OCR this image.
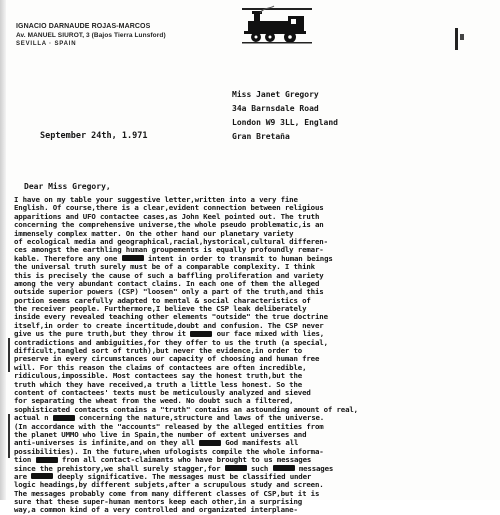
IGNACIO DARNAUDE ROJAS-MARCOS
Av. MANUEL SIUROT, 3 (Bajos Tierra Lunsford)
SEVILLA · SPAIN
September 24th, 1.971
Miss Janet Gregory
34a Barnsdale Road
London W9 3LL, England
Gran Bretaña
Dear Miss Gregory,
I have on my table your suggestive letter,written into a very fine
English. Of course,there is a clear,evident connection between religious
apparitions and UFO contactee cases,as John Keel pointed out. The truth
concerning the comprehensive universe,the whole pseudo problematic,is an
immensely complex matter. On the other hand our planetary variety
of ecological media and geographical,racial,hystorical,cultural differen-
ces amongst the earthling human groupements is equally profoundly remar-
kable. Therefore any one	intent in order to transmit to human beings
the universal truth surely must be of a comparable complexity. I think
this is precisely the cause of such a baffling proliferation and variety
among the very abundant contact claims. In each one of them the alleged
outside superior powers (CSP) "loosen" only a part of the truth,and this
portion seems carefully adapted to mental & social characteristics of
the receiver people. Furthermore,I believe the CSP leak deliberately
inside every revealed teaching other elements "outside" the true doctrine
itself,in order to create incertitude,doubt and confusion. The CSP never
give us the pure truth,but they throw it	our face mixed with lies,
contradictions and ambiguities,for they offer to us the truth (a special,
difficult,tangled sort of truth),but never the evidence,in order to
preserve in every circumstances our capacity of choosing and human free
will. For this reason the claims of contactees are often incredible,
ridiculous,impossible. Most contactees say the honest truth,but the
truth which they have received,a truth a little less honest. So the
content of contactees' texts must be meticulously analyzed and sieved
for separating the wheat from the weed. No doubt such a filtered,
sophisticated contacts contains a "truth" contains an astounding amount of real,
actual n	concerning the nature,structure and laws of the universe.
(In accordance with the "accounts" released by the alleged entities from
the planet UMMO who live in Spain,the number of extent universes and
anti-universes is infinite,and on they all	God manifests all
possibilities). In the future,when ufologists compile the whole informa-
tion	from all contact-claimants who have brought to us messages
since the prehistory,we shall surely stagger,for	such	messages
are	deeply significative. The messages must be classified under
logic headings,by different subjets,after a scrupulous study and screen.
The messages probably come from many different classes of CSP,but it is
sure that these super-human mentors keep each other,in a surprising
way,a common kind of a very controlled and organizated interplane-
